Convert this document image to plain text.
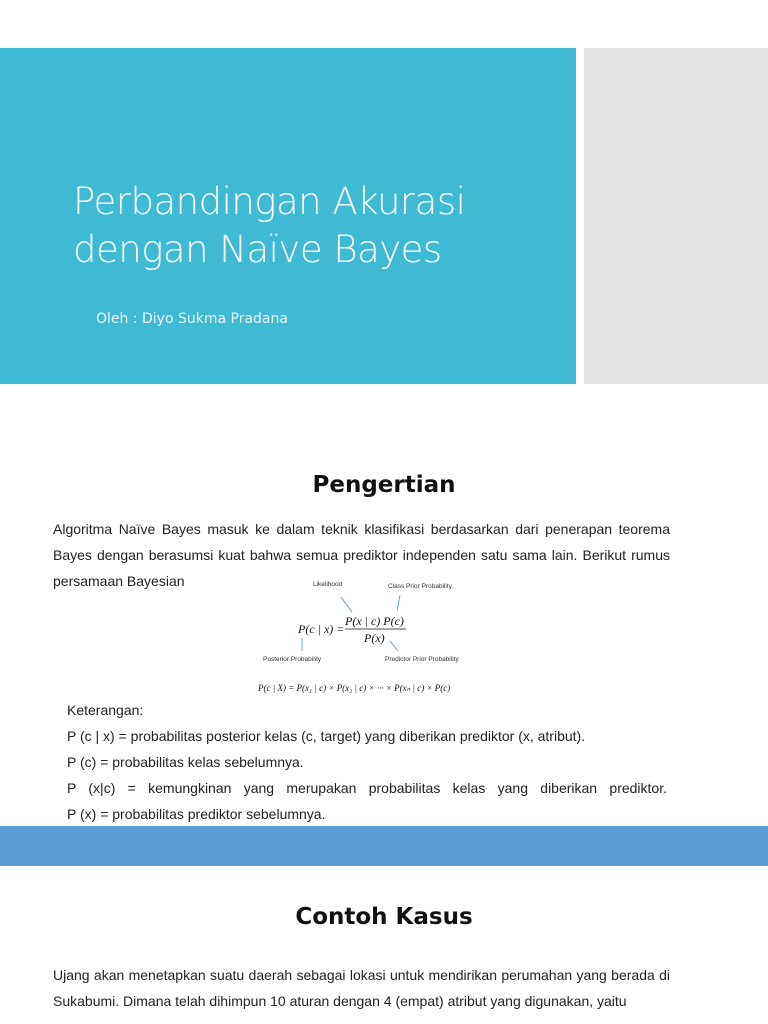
Perbandingan Akurasi
dengan Naïve Bayes
Oleh : Diyo Sukma Pradana
Pengertian
Algoritma Naïve Bayes masuk ke dalam teknik klasifikasi berdasarkan dari penerapan teorema Bayes dengan berasumsi kuat bahwa semua prediktor independen satu sama lain. Berikut rumus persamaan Bayesian	Likelihood	Class Prior Probability
Posterior Probability	Predictor Prior Probability
P(c | x) =
P(x | c) P(c)
P(x)
P(c | X) = P(x₁ | c) × P(x₂ | c) × ··· × P(xₙ | c) × P(c)
Keterangan:
P (c | x) = probabilitas posterior kelas (c, target) yang diberikan prediktor (x, atribut).
P (c) = probabilitas kelas sebelumnya.
P (x|c) = kemungkinan yang merupakan probabilitas kelas yang diberikan prediktor.
P (x) = probabilitas prediktor sebelumnya.
Contoh Kasus
Ujang akan menetapkan suatu daerah sebagai lokasi untuk mendirikan perumahan yang berada di Sukabumi. Dimana telah dihimpun 10 aturan dengan 4 (empat) atribut yang digunakan, yaitu
